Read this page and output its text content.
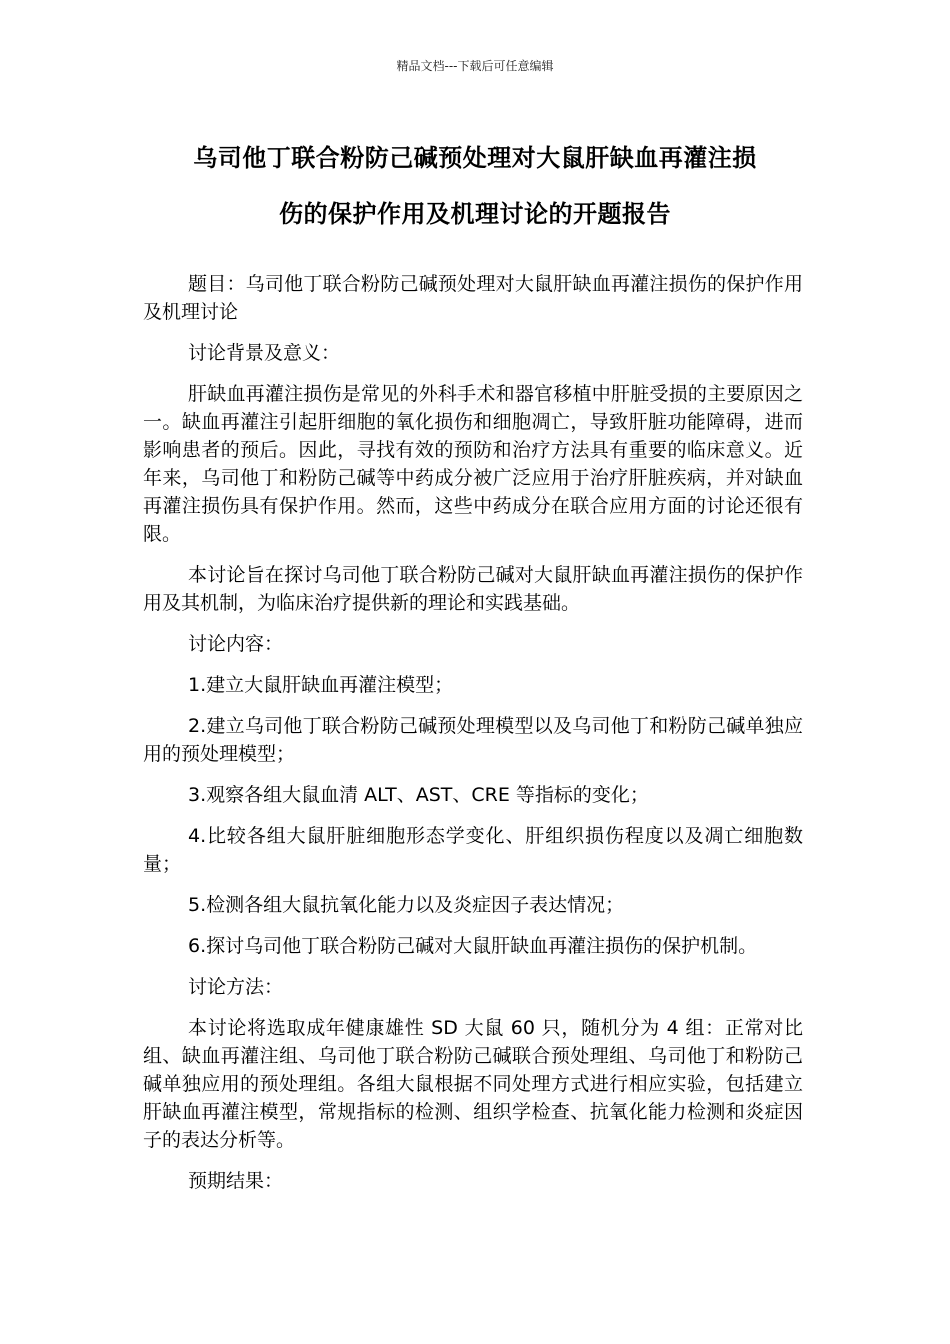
精品文档---下载后可任意编辑
乌司他丁联合粉防己碱预处理对大鼠肝缺血再灌注损
伤的保护作用及机理讨论的开题报告

题目：乌司他丁联合粉防己碱预处理对大鼠肝缺血再灌注损伤的保护作用及机理讨论

讨论背景及意义：

肝缺血再灌注损伤是常见的外科手术和器官移植中肝脏受损的主要原因之一。缺血再灌注引起肝细胞的氧化损伤和细胞凋亡，导致肝脏功能障碍，进而影响患者的预后。因此，寻找有效的预防和治疗方法具有重要的临床意义。近年来，乌司他丁和粉防己碱等中药成分被广泛应用于治疗肝脏疾病，并对缺血再灌注损伤具有保护作用。然而，这些中药成分在联合应用方面的讨论还很有限。

本讨论旨在探讨乌司他丁联合粉防己碱对大鼠肝缺血再灌注损伤的保护作用及其机制，为临床治疗提供新的理论和实践基础。

讨论内容：

1.建立大鼠肝缺血再灌注模型；

2.建立乌司他丁联合粉防己碱预处理模型以及乌司他丁和粉防己碱单独应用的预处理模型；

3.观察各组大鼠血清 ALT、AST、CRE 等指标的变化；

4.比较各组大鼠肝脏细胞形态学变化、肝组织损伤程度以及凋亡细胞数量；

5.检测各组大鼠抗氧化能力以及炎症因子表达情况；

6.探讨乌司他丁联合粉防己碱对大鼠肝缺血再灌注损伤的保护机制。

讨论方法：

本讨论将选取成年健康雄性 SD 大鼠 60 只，随机分为 4 组：正常对比组、缺血再灌注组、乌司他丁联合粉防己碱联合预处理组、乌司他丁和粉防己碱单独应用的预处理组。各组大鼠根据不同处理方式进行相应实验，包括建立肝缺血再灌注模型，常规指标的检测、组织学检查、抗氧化能力检测和炎症因子的表达分析等。

预期结果：
